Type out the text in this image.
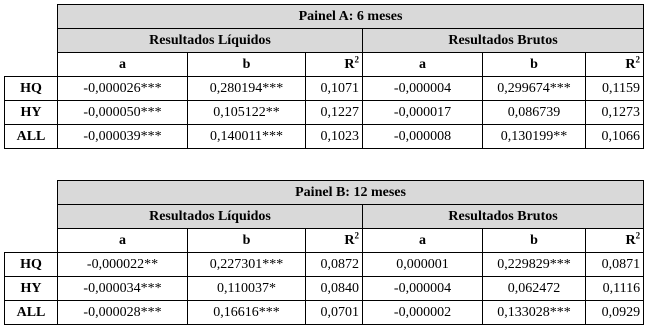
	Painel A: 6 meses					
	Resultados Líquidos			Resultados Brutos		
	a	b	$R^2$	a	b	$R^2$
HQ	-0,000026***	0,280194***	0,1071	-0,000004	0,299674***	0,1159
HY	-0,000050***	0,105122**	0,1227	-0,000017	0,086739	0,1273
ALL	-0,000039***	0,140011***	0,1023	-0,000008	0,130199**	0,1066
	Painel B: 12 meses					
	Resultados Líquidos			Resultados Brutos		
	a	b	$R^2$	a	b	$R^2$
HQ	-0,000022**	0,227301***	0,0872	0,000001	0,229829***	0,0871
HY	-0,000034***	0,110037*	0,0840	-0,000004	0,062472	0,1116
ALL	-0,000028***	0,16616***	0,0701	-0,000002	0,133028***	0,0929
